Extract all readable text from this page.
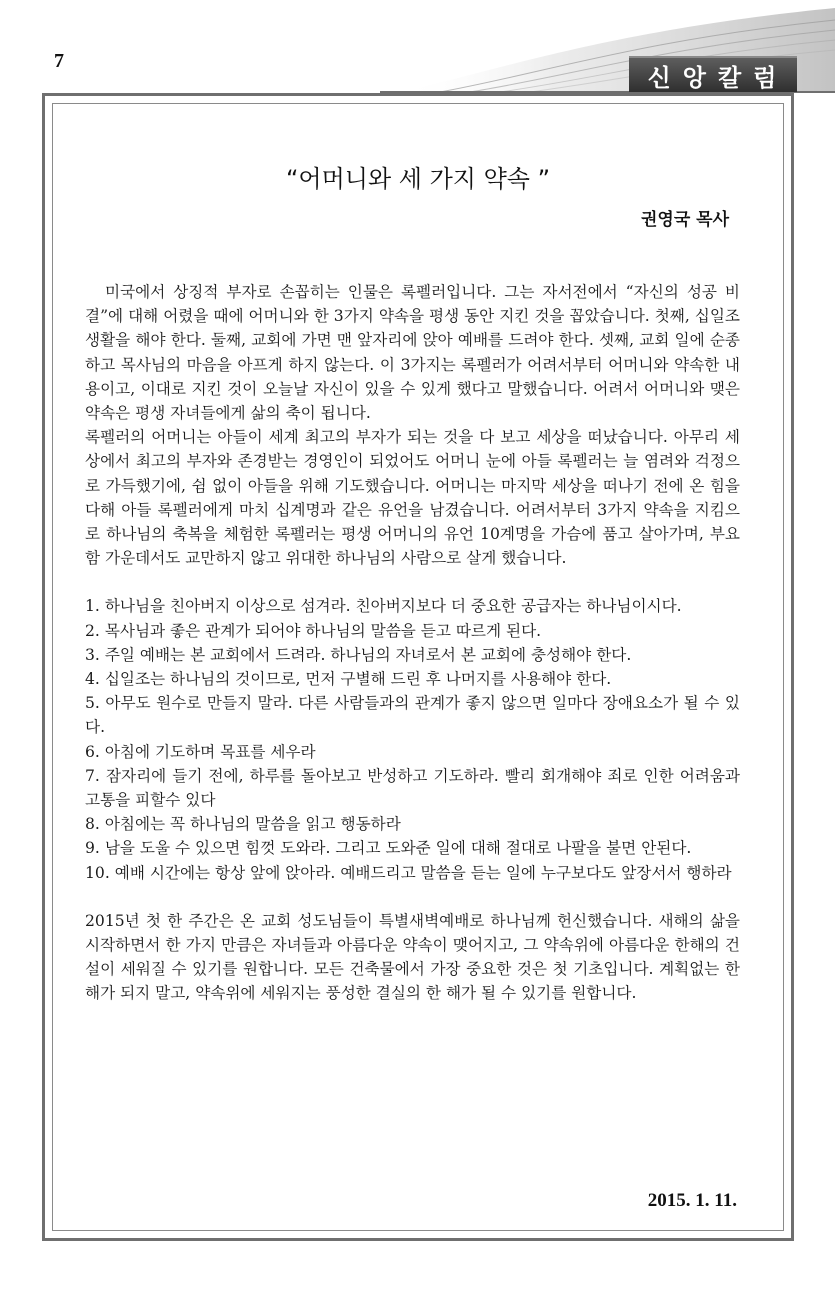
7
신앙칼럼
“어머니와 세 가지 약속 ”
권영국 목사

미국에서 상징적 부자로 손꼽히는 인물은 록펠러입니다. 그는 자서전에서 “자신의 성공 비결”에 대해 어렸을 때에 어머니와 한 3가지 약속을 평생 동안 지킨 것을 꼽았습니다. 첫째, 십일조 생활을 해야 한다. 둘째, 교회에 가면 맨 앞자리에 앉아 예배를 드려야 한다. 셋째, 교회 일에 순종하고 목사님의 마음을 아프게 하지 않는다. 이 3가지는 록펠러가 어려서부터 어머니와 약속한 내용이고, 이대로 지킨 것이 오늘날 자신이 있을 수 있게 했다고 말했습니다. 어려서 어머니와 맺은 약속은 평생 자녀들에게 삶의 축이 됩니다.

록펠러의 어머니는 아들이 세계 최고의 부자가 되는 것을 다 보고 세상을 떠났습니다. 아무리 세상에서 최고의 부자와 존경받는 경영인이 되었어도 어머니 눈에 아들 록펠러는 늘 염려와 걱정으로 가득했기에, 쉼 없이 아들을 위해 기도했습니다. 어머니는 마지막 세상을 떠나기 전에 온 힘을 다해 아들 록펠러에게 마치 십계명과 같은 유언을 남겼습니다. 어려서부터 3가지 약속을 지킴으로 하나님의 축복을 체험한 록펠러는 평생 어머니의 유언 10계명을 가슴에 품고 살아가며, 부요함 가운데서도 교만하지 않고 위대한 하나님의 사람으로 살게 했습니다.

1. 하나님을 친아버지 이상으로 섬겨라. 친아버지보다 더 중요한 공급자는 하나님이시다.

2. 목사님과 좋은 관계가 되어야 하나님의 말씀을 듣고 따르게 된다.

3. 주일 예배는 본 교회에서 드려라. 하나님의 자녀로서 본 교회에 충성해야 한다.

4. 십일조는 하나님의 것이므로, 먼저 구별해 드린 후 나머지를 사용해야 한다.

5. 아무도 원수로 만들지 말라. 다른 사람들과의 관계가 좋지 않으면 일마다 장애요소가 될 수 있다.

6. 아침에 기도하며 목표를 세우라

7. 잠자리에 들기 전에, 하루를 돌아보고 반성하고 기도하라. 빨리 회개해야 죄로 인한 어려움과 고통을 피할수 있다

8. 아침에는 꼭 하나님의 말씀을 읽고 행동하라

9. 남을 도울 수 있으면 힘껏 도와라. 그리고 도와준 일에 대해 절대로 나팔을 불면 안된다.

10. 예배 시간에는 항상 앞에 앉아라. 예배드리고 말씀을 듣는 일에 누구보다도 앞장서서 행하라

2015년 첫 한 주간은 온 교회 성도님들이 특별새벽예배로 하나님께 헌신했습니다. 새해의 삶을 시작하면서 한 가지 만큼은 자녀들과 아름다운 약속이 맺어지고, 그 약속위에 아름다운 한해의 건설이 세워질 수 있기를 원합니다. 모든 건축물에서 가장 중요한 것은 첫 기초입니다. 계획없는 한 해가 되지 말고, 약속위에 세워지는 풍성한 결실의 한 해가 될 수 있기를 원합니다.

2015. 1. 11.
